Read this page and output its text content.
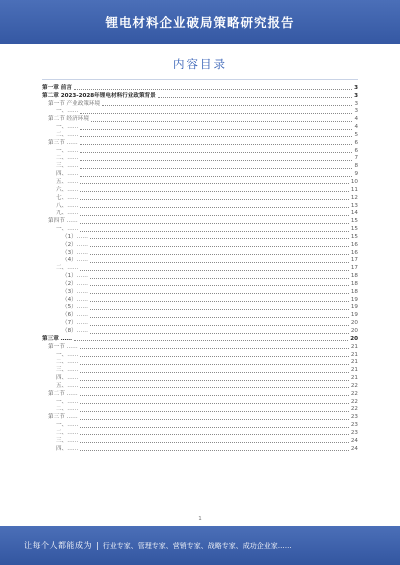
锂电材料企业破局策略研究报告
内容目录
第一章 前言	3
第二章 2023-2028年锂电材料行业政策背景	3
第一节 产业政策环境	3
一、……	3
第二节 经济环境	4
一、……	4
二、……	5
第三节 ……	6
一、……	6
二、……	7
三、……	8
四、……	9
五、……	10
六、……	11
七、……	12
八、……	13
九、……	14
第四节 ……	15
一、……	15
（1）……	15
（2）……	16
（3）……	16
（4）……	17
二、……	17
（1）……	18
（2）……	18
（3）……	18
（4）……	19
（5）……	19
（6）……	19
（7）……	20
（8）……	20
第三章 ……	20
第一节 ……	21
一、……	21
二、……	21
三、……	21
四、……	21
五、……	22
第二节 ……	22
一、……	22
二、……	22
第三节 ……	23
一、……	23
二、……	23
三、……	24
四、……	24
1
让每个人都能成为 | 行业专家、管理专家、营销专家、战略专家、成功企业家……
